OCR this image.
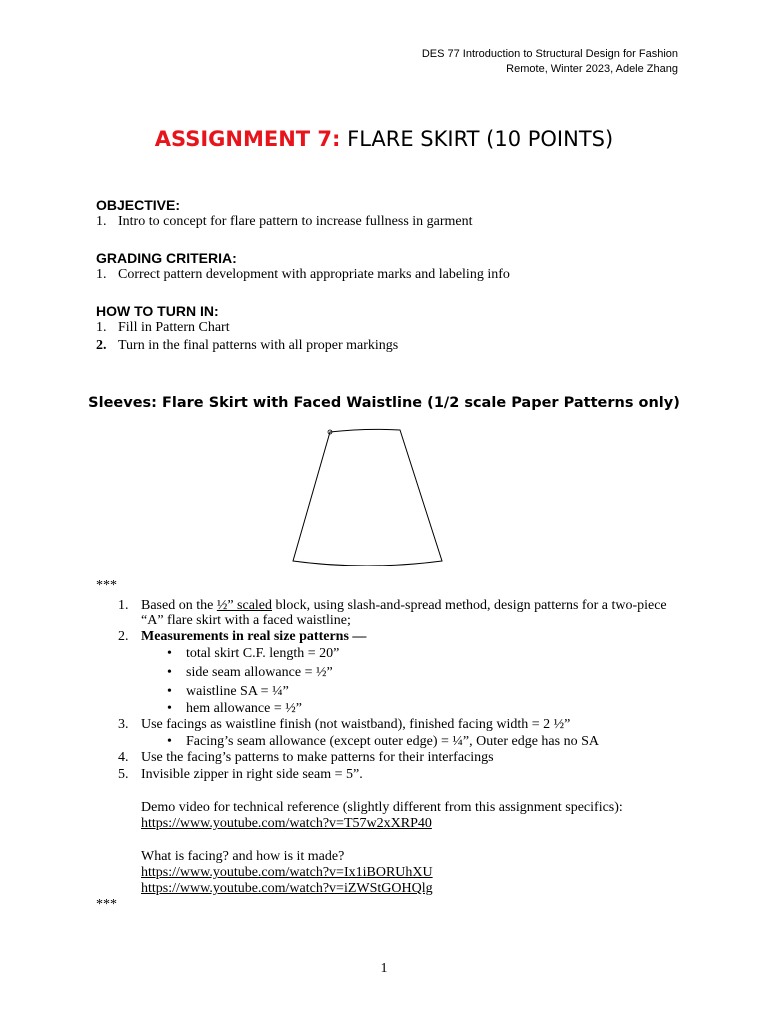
DES 77 Introduction to Structural Design for Fashion
Remote, Winter 2023, Adele Zhang
ASSIGNMENT 7: FLARE SKIRT (10 POINTS)
OBJECTIVE:
1. Intro to concept for flare pattern to increase fullness in garment
GRADING CRITERIA:
1. Correct pattern development with appropriate marks and labeling info
HOW TO TURN IN:
1. Fill in Pattern Chart
2. Turn in the final patterns with all proper markings
Sleeves: Flare Skirt with Faced Waistline (1/2 scale Paper Patterns only)
***
1. Based on the ½” scaled block, using slash-and-spread method, design patterns for a two-piece
“A” flare skirt with a faced waistline;
2. Measurements in real size patterns —
• total skirt C.F. length = 20”
• side seam allowance = ½”
• waistline SA = ¼”
• hem allowance = ½”
3. Use facings as waistline finish (not waistband), finished facing width = 2 ½”
• Facing’s seam allowance (except outer edge) = ¼”, Outer edge has no SA
4. Use the facing’s patterns to make patterns for their interfacings
5. Invisible zipper in right side seam = 5”.
Demo video for technical reference (slightly different from this assignment specifics):
https://www.youtube.com/watch?v=T57w2xXRP40
What is facing? and how is it made?
https://www.youtube.com/watch?v=Ix1iBORUhXU
https://www.youtube.com/watch?v=iZWStGOHQlg
***
1
